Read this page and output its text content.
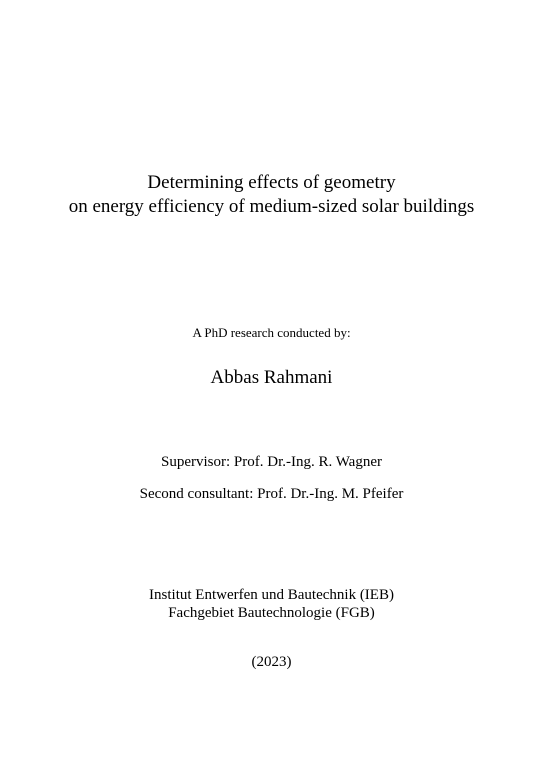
Determining effects of geometry
on energy efficiency of medium-sized solar buildings
A PhD research conducted by:
Abbas Rahmani
Supervisor: Prof. Dr.-Ing. R. Wagner
Second consultant: Prof. Dr.-Ing. M. Pfeifer
Institut Entwerfen und Bautechnik (IEB)
Fachgebiet Bautechnologie (FGB)
(2023)
